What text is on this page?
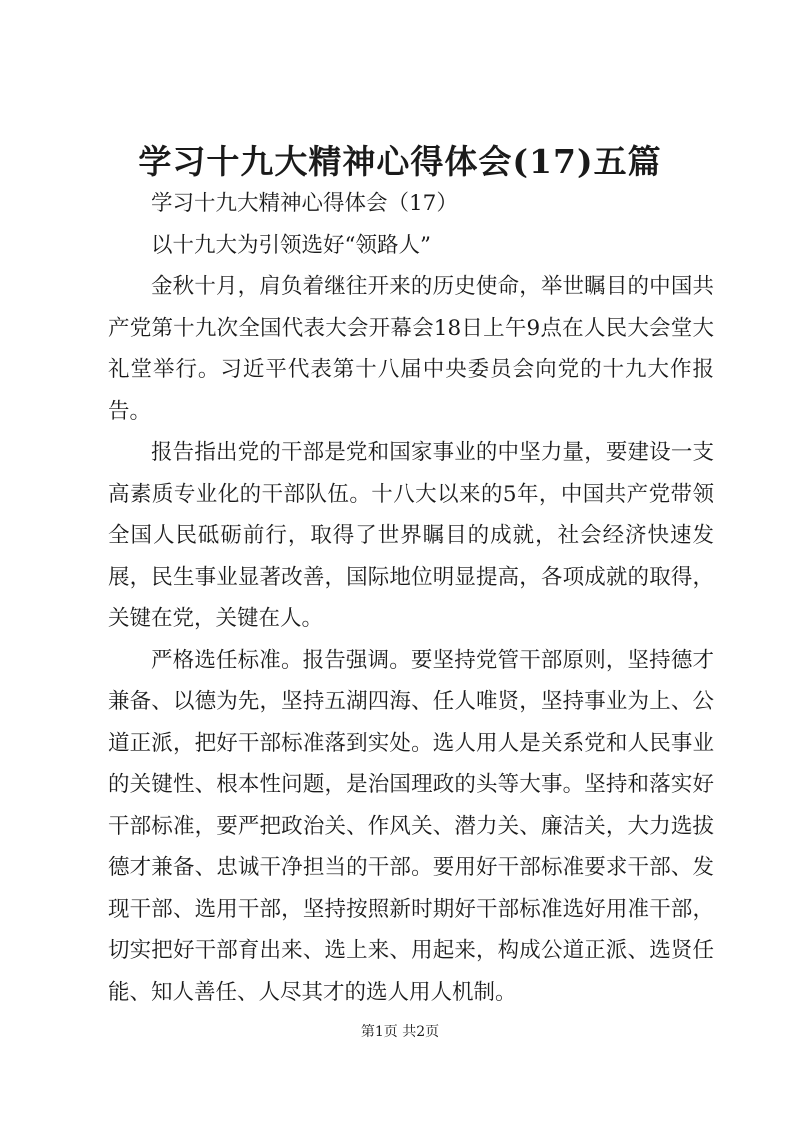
学习十九大精神心得体会(17)五篇

学习十九大精神心得体会（17）

以十九大为引领选好“领路人”

金秋十月，肩负着继往开来的历史使命，举世瞩目的中国共产党第十九次全国代表大会开幕会18日上午9点在人民大会堂大礼堂举行。习近平代表第十八届中央委员会向党的十九大作报告。

报告指出党的干部是党和国家事业的中坚力量，要建设一支高素质专业化的干部队伍。十八大以来的5年，中国共产党带领全国人民砥砺前行，取得了世界瞩目的成就，社会经济快速发展，民生事业显著改善，国际地位明显提高，各项成就的取得，关键在党，关键在人。

严格选任标准。报告强调。要坚持党管干部原则，坚持德才兼备、以德为先，坚持五湖四海、任人唯贤，坚持事业为上、公道正派，把好干部标准落到实处。选人用人是关系党和人民事业的关键性、根本性问题，是治国理政的头等大事。坚持和落实好干部标准，要严把政治关、作风关、潜力关、廉洁关，大力选拔德才兼备、忠诚干净担当的干部。要用好干部标准要求干部、发现干部、选用干部，坚持按照新时期好干部标准选好用准干部，切实把好干部育出来、选上来、用起来，构成公道正派、选贤任能、知人善任、人尽其才的选人用人机制。

第1页 共2页
